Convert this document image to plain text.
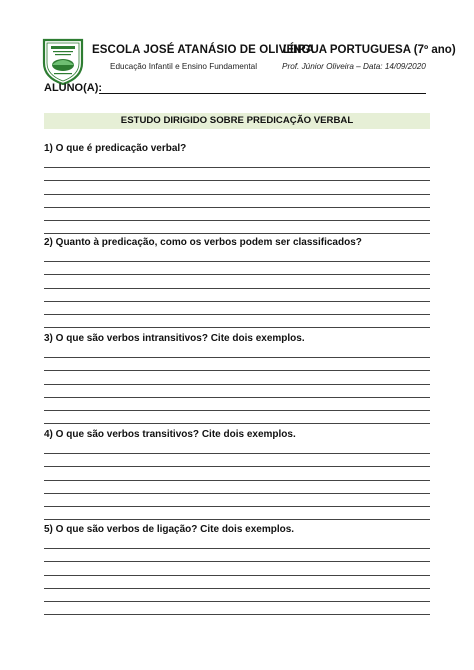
ESCOLA JOSÉ ATANÁSIO DE OLIVEIRA
Educação Infantil e Ensino Fundamental
LÍNGUA PORTUGUESA (7º ano)
Prof. Júnior Oliveira – Data: 14/09/2020
ALUNO(A):
ESTUDO DIRIGIDO SOBRE PREDICAÇÃO VERBAL
1) O que é predicação verbal?
2) Quanto à predicação, como os verbos podem ser classificados?
3) O que são verbos intransitivos? Cite dois exemplos.
4) O que são verbos transitivos? Cite dois exemplos.
5) O que são verbos de ligação? Cite dois exemplos.
